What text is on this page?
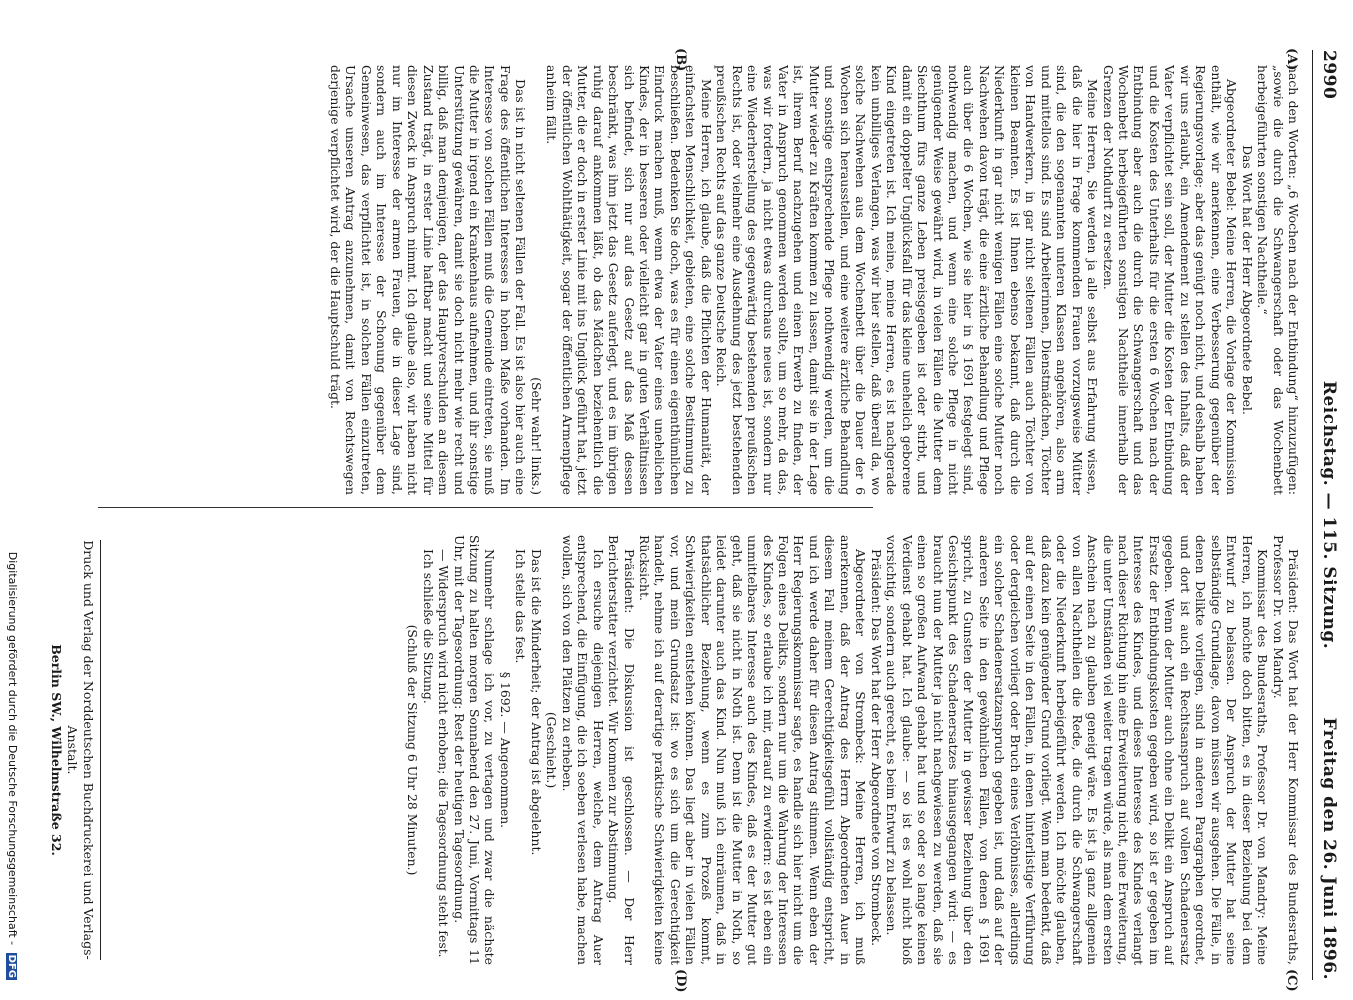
2990
Reichstag. — 115. Sitzung.
Freitag den 26. Juni 1896.
(A)
(B)
(C)
(D)

nach den Worten: „6 Wochen nach der Entbindung“ hinzuzufügen: „sowie die durch die Schwangerschaft oder das Wochenbett herbeigeführten sonstigen Nachtheile.“

Das Wort hat der Herr Abgeordnete Bebel.

Abgeordneter Bebel: Meine Herren, die Vorlage der Kommission enthält, wie wir anerkennen, eine Verbesserung gegenüber der Regierungsvorlage; aber das genügt noch nicht, und deshalb haben wir uns erlaubt, ein Amendement zu stellen des Inhalts, daß der Vater verpflichtet sein soll, der Mutter die Kosten der Entbindung und die Kosten des Unterhalts für die ersten 6 Wochen nach der Entbindung aber auch die durch die Schwangerschaft und das Wochenbett herbeigeführten sonstigen Nachtheile innerhalb der Grenzen der Nothdurft zu ersetzen.

Meine Herren, Sie werden ja alle selbst aus Erfahrung wissen, daß die hier in Frage kommenden Frauen vorzugsweise Mütter sind, die den sogenannten unteren Klassen angehören, also arm und mittellos sind. Es sind Arbeiterinnen, Dienstmädchen, Töchter von Handwerkern, in gar nicht seltenen Fällen auch Töchter von kleinen Beamten. Es ist Ihnen ebenso bekannt, daß durch die Niederkunft in gar nicht wenigen Fällen eine solche Mutter noch Nachwehen davon trägt, die eine ärztliche Behandlung und Pflege auch über die 6 Wochen, wie sie hier in § 1691 festgelegt sind, nothwendig machen, und wenn eine solche Pflege in nicht genügender Weise gewährt wird, in vielen Fällen die Mutter dem Siechthum fürs ganze Leben preisgegeben ist oder stirbt, und damit ein doppelter Unglücksfall für das kleine unehelich geborene Kind eingetreten ist. Ich meine, meine Herren, es ist nachgerade kein unbilliges Verlangen, was wir hier stellen, daß überall da, wo solche Nachwehen aus dem Wochenbett über die Dauer der 6 Wochen sich herausstellen, und eine weitere ärztliche Behandlung und sonstige entsprechende Pflege nothwendig werden, um die Mutter wieder zu Kräften kommen zu lassen, damit sie in der Lage ist, ihrem Beruf nachzugehen und einen Erwerb zu finden, der Vater in Anspruch genommen werden sollte, um so mehr, da das, was wir fordern, ja nicht etwas durchaus neues ist, sondern nur eine Wiederherstellung des gegenwärtig bestehenden preußischen Rechts ist, oder vielmehr eine Ausdehnung des jetzt bestehenden preußischen Rechts auf das ganze Deutsche Reich.

Meine Herren, ich glaube, daß die Pflichten der Humanität, der einfachsten Menschlichkeit, gebieten, eine solche Bestimmung zu beschließen. Bedenken Sie doch, was es für einen eigenthümlichen Eindruck machen muß, wenn etwa der Vater eines unehelichen Kindes, der in besseren oder vielleicht gar in guten Verhältnissen sich befindet, sich nur auf das Gesetz auf das Maß dessen beschränkt, was ihm jetzt das Gesetz auferlegt, und es im übrigen ruhig darauf ankommen läßt, ob das Mädchen beziehentlich die Mutter, die er doch in erster Linie mit ins Unglück geführt hat, jetzt der öffentlichen Wohlthätigkeit, sogar der öffentlichen Armenpflege anheim fällt.

(Sehr wahr! links.)

Das ist in nicht seltenen Fällen der Fall. Es ist also hier auch eine Frage des öffentlichen Interesses in hohem Maße vorhanden. Im Interesse von solchen Fällen muß die Gemeinde eintreten, sie muß die Mutter in irgend ein Krankenhaus aufnehmen, und ihr sonstige Unterstützung gewähren, damit sie doch nicht mehr wie recht und billig, daß man demjenigen, der das Hauptverschulden an diesem Zustand trägt, in erster Linie haftbar macht und seine Mittel für diesen Zweck in Anspruch nimmt. Ich glaube also, wir haben nicht nur im Interesse der armen Frauen, die in dieser Lage sind, sondern auch im Interesse der Schonung gegenüber dem Gemeinwesen, das verpflichtet ist, in solchen Fällen einzutreten, Ursache unseren Antrag anzunehmen, damit von Rechtswegen derjenige verpflichtet wird, der die Hauptschuld trägt.

Präsident: Das Wort hat der Herr Kommissar des Bundesraths, Professor Dr. von Mandry.

Kommissar des Bundesraths, Professor Dr. von Mandry: Meine Herren, ich möchte doch bitten, es in dieser Beziehung bei dem Entwurf zu belassen. Der Anspruch der Mutter hat seine selbständige Grundlage, davon müssen wir ausgehen. Die Fälle, in denen Delikte vorliegen, sind in anderen Paragraphen geordnet, und dort ist auch ein Rechtsanspruch auf vollen Schadenersatz gegeben. Wenn der Mutter auch ohne ein Delikt ein Anspruch auf Ersatz der Entbindungskosten gegeben wird, so ist er gegeben im Interesse des Kindes, und dieses Interesse des Kindes verlangt nach dieser Richtung hin eine Erweiterung nicht, eine Erweiterung, die unter Umständen viel weiter tragen würde, als man dem ersten Anschein nach zu glauben geneigt wäre. Es ist ja ganz allgemein von allen Nachtheilen die Rede, die durch die Schwangerschaft oder die Niederkunft herbeigeführt werden. Ich möchte glauben, daß dazu kein genügender Grund vorliegt. Wenn man bedenkt, daß auf der einen Seite in den Fällen, in denen hinterlistige Verführung oder dergleichen vorliegt oder Bruch eines Verlöbnisses, allerdings ein solcher Schadenersatzanspruch gegeben ist, und daß auf der anderen Seite in den gewöhnlichen Fällen, von denen § 1691 spricht, zu Gunsten der Mutter in gewisser Beziehung über den Gesichtspunkt des Schadenersatzes hinausgegangen wird: — es braucht nun der Mutter ja nicht nachgewiesen zu werden, daß sie einen so großen Aufwand gehabt hat und so oder so lange keinen Verdienst gehabt hat. Ich glaube: — so ist es wohl nicht bloß vorsichtig, sondern auch gerecht, es beim Entwurf zu belassen.

Präsident: Das Wort hat der Herr Abgeordnete von Strombeck.

Abgeordneter von Strombeck: Meine Herren, ich muß anerkennen, daß der Antrag des Herrn Abgeordneten Auer in diesem Fall meinem Gerechtigkeitsgefühl vollständig entspricht, und ich werde daher für diesen Antrag stimmen. Wenn eben der Herr Regierungskommissar sagte, es handle sich hier nicht um die Folgen eines Delikts, sondern nur um die Wahrung der Interessen des Kindes, so erlaube ich mir, darauf zu erwidern: es ist eben ein unmittelbares Interesse auch des Kindes, daß es der Mutter gut geht, daß sie nicht in Noth ist. Denn ist die Mutter in Noth, so leidet darunter auch das Kind. Nun muß ich einräumen, daß in thatsächlicher Beziehung, wenn es zum Prozeß kommt, Schwierigkeiten entstehen können. Das liegt aber in vielen Fällen vor, und mein Grundsatz ist: wo es sich um die Gerechtigkeit handelt, nehme ich auf derartige praktische Schwierigkeiten keine Rücksicht.

Präsident: Die Diskussion ist geschlossen. — Der Herr Berichterstatter verzichtet. Wir kommen zur Abstimmung.

Ich ersuche diejenigen Herren, welche, dem Antrag Auer entsprechend, die Einfügung, die ich soeben verlesen habe, machen wollen, sich von den Plätzen zu erheben.

(Geschieht.)

Das ist die Minderheit; der Antrag ist abgelehnt.

Ich stelle das fest.

§ 1692. — Angenommen.

Nunmehr schlage ich vor, zu vertagen und zwar die nächste Sitzung zu halten morgen Sonnabend den 27. Juni, Vormittags 11 Uhr, mit der Tagesordnung: Rest der heutigen Tagesordnung.

— Widerspruch wird nicht erhoben; die Tagesordnung steht fest.

Ich schließe die Sitzung.

(Schluß der Sitzung 6 Uhr 28 Minuten.)

Druck und Verlag der Norddeutschen Buchdruckerei und Verlags-Anstalt.
Berlin SW., Wilhelmstraße 32.
Digitalisierung gefördert durch die Deutsche Forschungsgemeinschaft - DFG
